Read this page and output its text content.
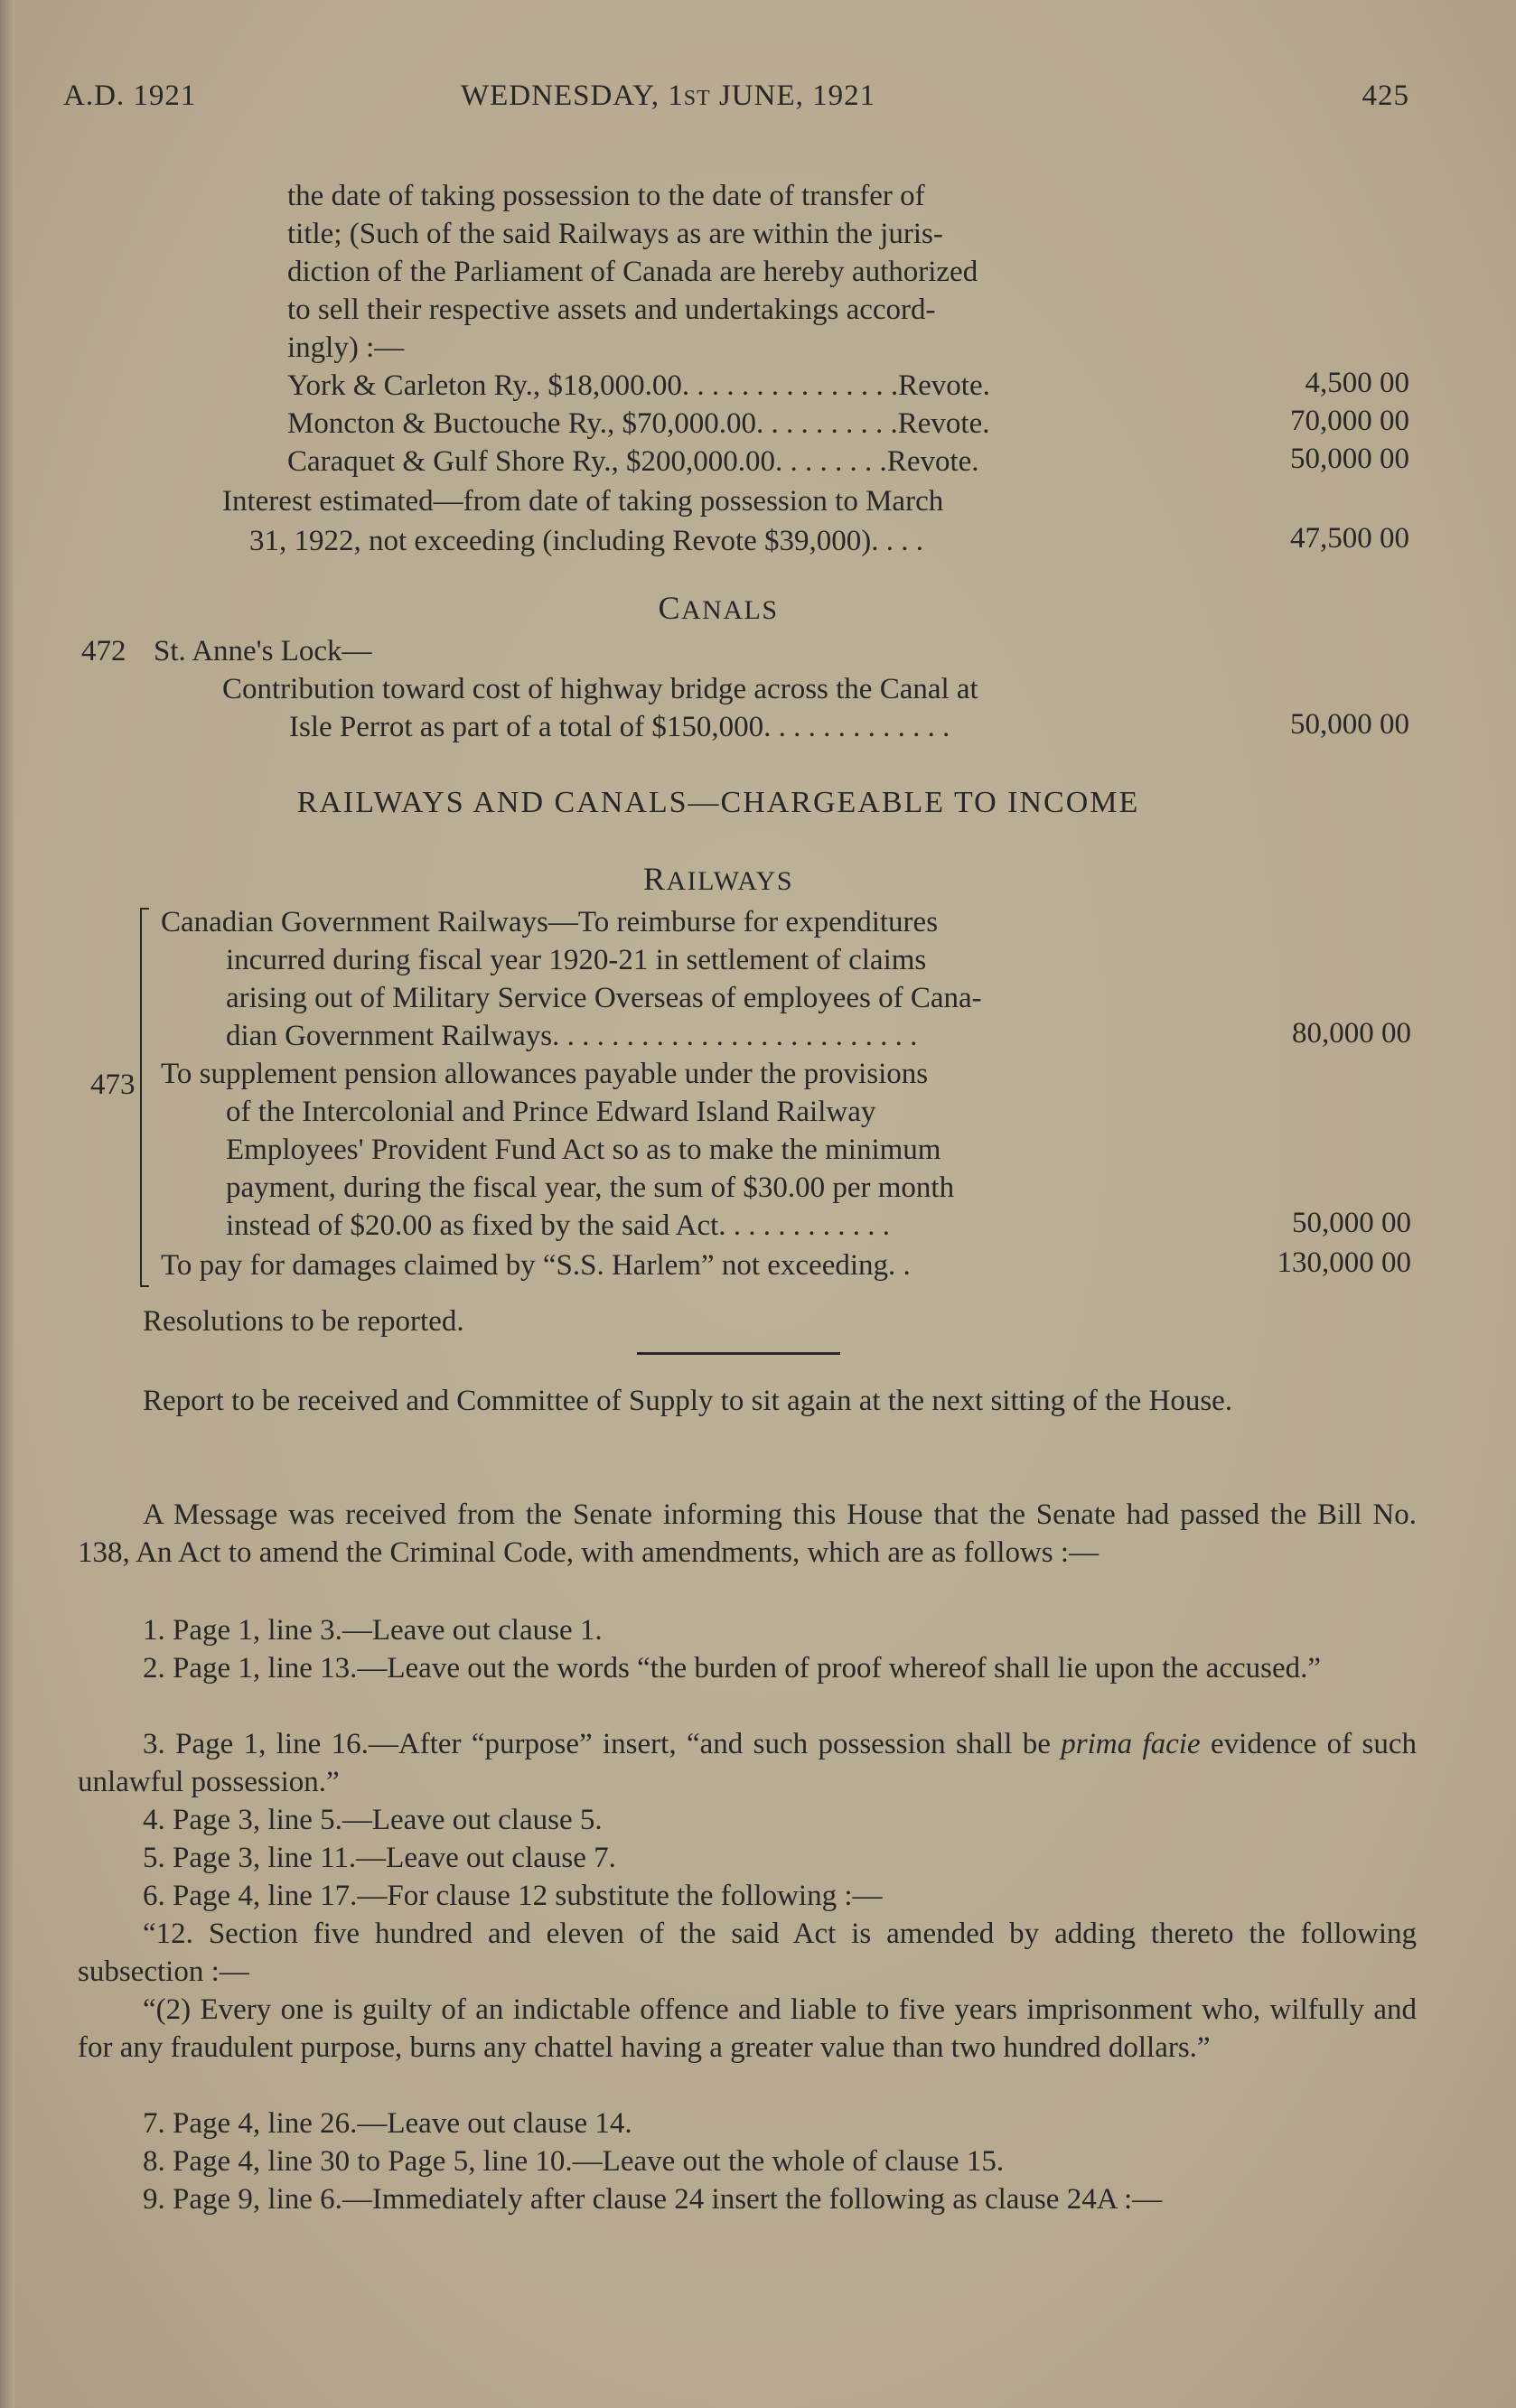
A.D. 1921	WEDNESDAY, 1ST JUNE, 1921	425
the date of taking possession to the date of transfer of
title; (Such of the said Railways as are within the juris-
diction of the Parliament of Canada are hereby authorized
to sell their respective assets and undertakings accord-
ingly) :—
York & Carleton Ry., $18,000.00. . . . . . . . . . . . . . .Revote.	4,500 00
Moncton & Buctouche Ry., $70,000.00. . . . . . . . . .Revote.	70,000 00
Caraquet & Gulf Shore Ry., $200,000.00. . . . . . . .Revote.	50,000 00
Interest estimated—from date of taking possession to March
31, 1922, not exceeding (including Revote $39,000). . . .	47,500 00
CANALS
472 St. Anne's Lock—
Contribution toward cost of highway bridge across the Canal at
Isle Perrot as part of a total of $150,000. . . . . . . . . . . . .	50,000 00
RAILWAYS AND CANALS—CHARGEABLE TO INCOME
RAILWAYS
473
Canadian Government Railways—To reimburse for expenditures
incurred during fiscal year 1920-21 in settlement of claims
arising out of Military Service Overseas of employees of Cana-
dian Government Railways. . . . . . . . . . . . . . . . . . . . . . . . .	80,000 00
To supplement pension allowances payable under the provisions
of the Intercolonial and Prince Edward Island Railway
Employees' Provident Fund Act so as to make the minimum
payment, during the fiscal year, the sum of $30.00 per month
instead of $20.00 as fixed by the said Act. . . . . . . . . . . .	50,000 00
To pay for damages claimed by “S.S. Harlem” not exceeding. .	130,000 00
Resolutions to be reported.
Report to be received and Committee of Supply to sit again at the next sitting of the House.
A Message was received from the Senate informing this House that the Senate had passed the Bill No. 138, An Act to amend the Criminal Code, with amendments, which are as follows :—
1. Page 1, line 3.—Leave out clause 1.
2. Page 1, line 13.—Leave out the words “the burden of proof whereof shall lie upon the accused.”
3. Page 1, line 16.—After “purpose” insert, “and such possession shall be prima facie evidence of such unlawful possession.”
4. Page 3, line 5.—Leave out clause 5.
5. Page 3, line 11.—Leave out clause 7.
6. Page 4, line 17.—For clause 12 substitute the following :—
“12. Section five hundred and eleven of the said Act is amended by adding thereto the following subsection :—
“(2) Every one is guilty of an indictable offence and liable to five years imprisonment who, wilfully and for any fraudulent purpose, burns any chattel having a greater value than two hundred dollars.”
7. Page 4, line 26.—Leave out clause 14.
8. Page 4, line 30 to Page 5, line 10.—Leave out the whole of clause 15.
9. Page 9, line 6.—Immediately after clause 24 insert the following as clause 24A :—
